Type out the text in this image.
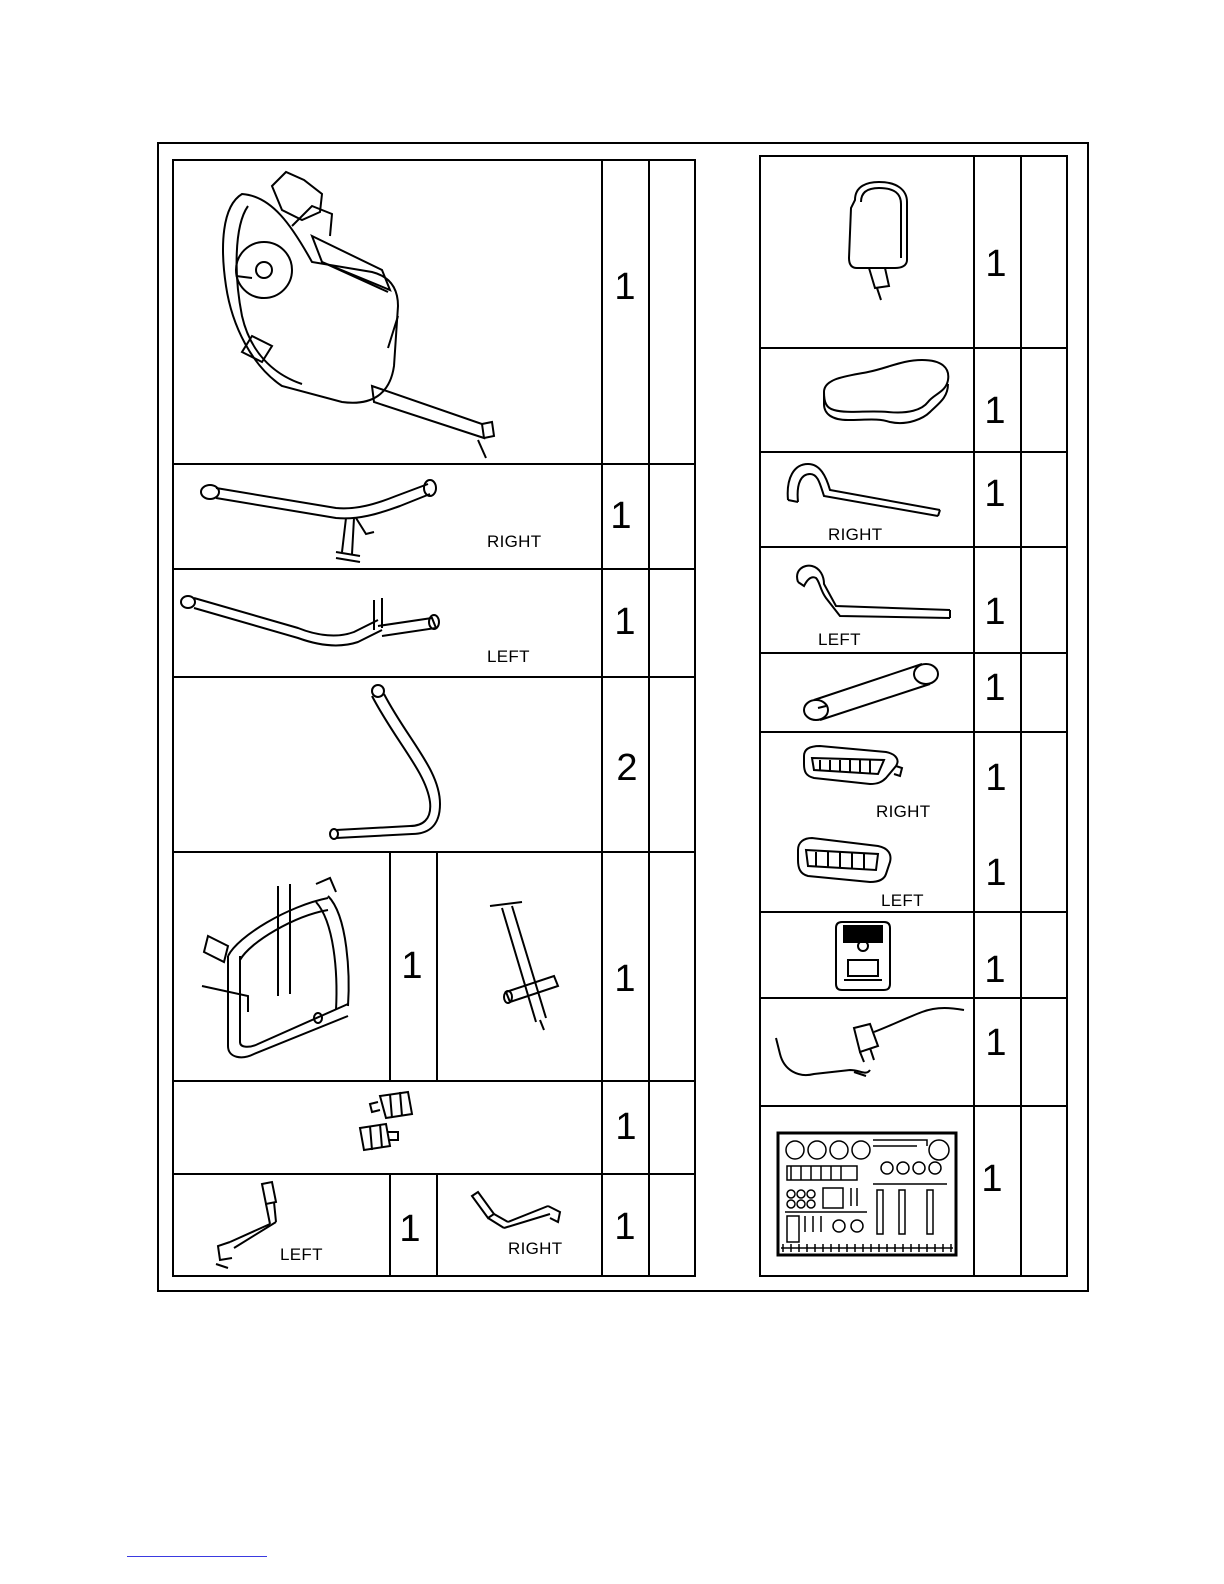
1
RIGHT
1
LEFT
1
2
1	1
1
LEFT
1	RIGHT
1
1
1
RIGHT
1
LEFT
1
1
RIGHT
1
LEFT
1
1
1
1
